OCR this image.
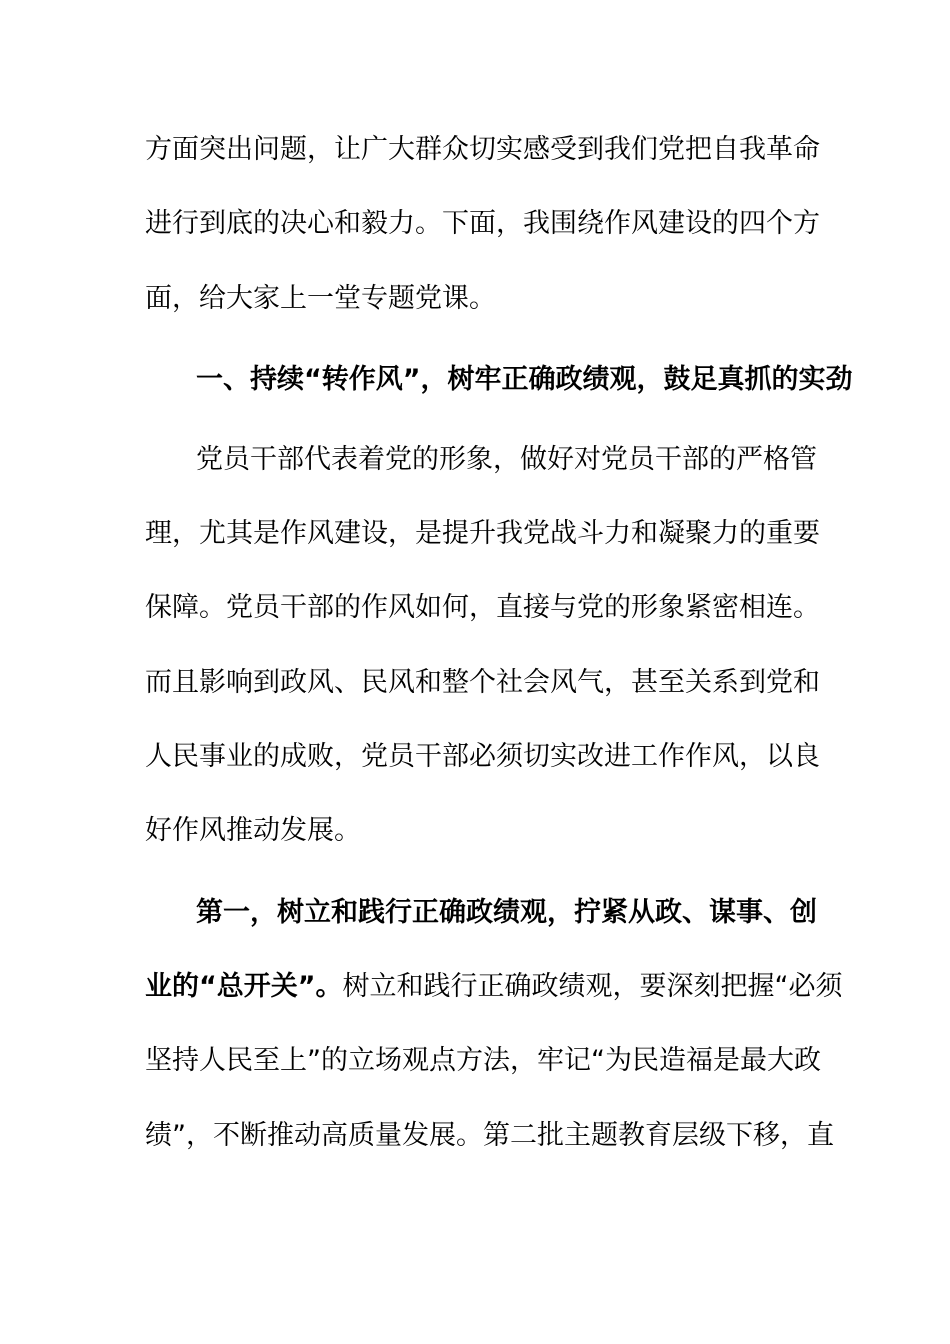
方面突出问题，让广大群众切实感受到我们党把自我革命
进行到底的决心和毅力。下面，我围绕作风建设的四个方
面，给大家上一堂专题党课。
一、持续“转作风”，树牢正确政绩观，鼓足真抓的实劲
党员干部代表着党的形象，做好对党员干部的严格管
理，尤其是作风建设，是提升我党战斗力和凝聚力的重要
保障。党员干部的作风如何，直接与党的形象紧密相连。
而且影响到政风、民风和整个社会风气，甚至关系到党和
人民事业的成败，党员干部必须切实改进工作作风，以良
好作风推动发展。
第一，树立和践行正确政绩观，拧紧从政、谋事、创
业的“总开关”。 树立和践行正确政绩观，要深刻把握“必须
坚持人民至上”的立场观点方法，牢记“为民造福是最大政
绩”，不断推动高质量发展。第二批主题教育层级下移，直
